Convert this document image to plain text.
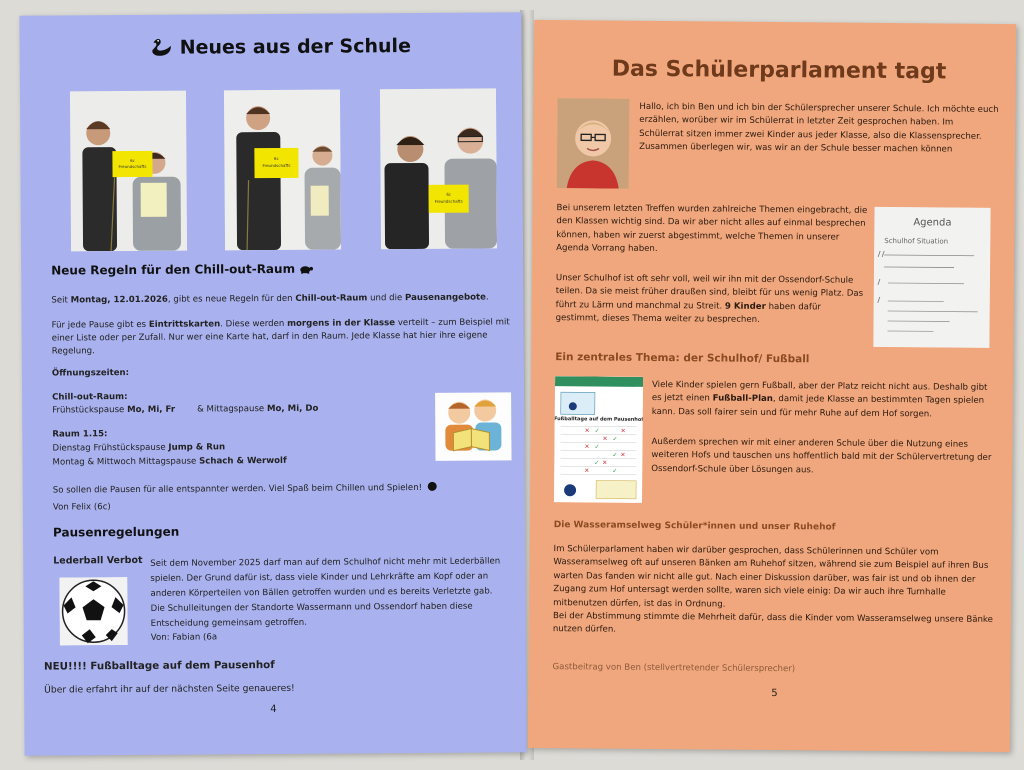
Neues aus der Schule
6c
Freundschafts
6c
Freundschafts
6c
Freundschafts
Neue Regeln für den Chill-out-Raum
Seit Montag, 12.01.2026, gibt es neue Regeln für den Chill-out-Raum und die Pausenangebote.
Für jede Pause gibt es Eintrittskarten. Diese werden morgens in der Klasse verteilt – zum Beispiel mit einer Liste oder per Zufall. Nur wer eine Karte hat, darf in den Raum. Jede Klasse hat hier ihre eigene Regelung.
Öffnungszeiten:
Chill-out-Raum:
Frühstückspause Mo, Mi, Fr	& Mittagspause Mo, Mi, Do
Raum 1.15:
Dienstag Frühstückspause Jump & Run
Montag & Mittwoch Mittagspause Schach & Werwolf
So sollen die Pausen für alle entspannter werden. Viel Spaß beim Chillen und Spielen!
Von Felix (6c)
Pausenregelungen
Lederball Verbot Seit dem November 2025 darf man auf dem Schulhof nicht mehr mit Lederbällen spielen. Der Grund dafür ist, dass viele Kinder und Lehrkräfte am Kopf oder an anderen Körperteilen von Bällen getroffen wurden und es bereits Verletzte gab. Die Schulleitungen der Standorte Wassermann und Ossendorf haben diese Entscheidung gemeinsam getroffen.
Von: Fabian (6a
NEU!!!! Fußballtage auf dem Pausenhof
Über die erfahrt ihr auf der nächsten Seite genaueres!
4
Das Schülerparlament tagt
Hallo, ich bin Ben und ich bin der Schülersprecher unserer Schule. Ich möchte euch erzählen, worüber wir im Schülerrat in letzter Zeit gesprochen haben. Im Schülerrat sitzen immer zwei Kinder aus jeder Klasse, also die Klassensprecher. Zusammen überlegen wir, was wir an der Schule besser machen können
Bei unserem letzten Treffen wurden zahlreiche Themen eingebracht, die den Klassen wichtig sind. Da wir aber nicht alles auf einmal besprechen können, haben wir zuerst abgestimmt, welche Themen in unserer Agenda Vorrang haben.
Agenda
Schulhof Situation
Unser Schulhof ist oft sehr voll, weil wir ihn mit der Ossendorf-Schule teilen. Da sie meist früher draußen sind, bleibt für uns wenig Platz. Das führt zu Lärm und manchmal zu Streit. 9 Kinder haben dafür gestimmt, dieses Thema weiter zu besprechen.
Ein zentrales Thema: der Schulhof/ Fußball
Fußballtage auf dem Pausenhof
✕
✕
✕
✕
✕
✕
✕
✓
✓
✓
✓
✓
✓
Viele Kinder spielen gern Fußball, aber der Platz reicht nicht aus. Deshalb gibt es jetzt einen Fußball-Plan, damit jede Klasse an bestimmten Tagen spielen kann. Das soll fairer sein und für mehr Ruhe auf dem Hof sorgen.
Außerdem sprechen wir mit einer anderen Schule über die Nutzung eines weiteren Hofs und tauschen uns hoffentlich bald mit der Schülervertretung der Ossendorf-Schule über Lösungen aus.
Die Wasseramselweg Schüler*innen und unser Ruhehof
Im Schülerparlament haben wir darüber gesprochen, dass Schülerinnen und Schüler vom Wasseramselweg oft auf unseren Bänken am Ruhehof sitzen, während sie zum Beispiel auf ihren Bus warten Das fanden wir nicht alle gut. Nach einer Diskussion darüber, was fair ist und ob ihnen der Zugang zum Hof untersagt werden sollte, waren sich viele einig: Da wir auch ihre Turnhalle mitbenutzen dürfen, ist das in Ordnung.
Bei der Abstimmung stimmte die Mehrheit dafür, dass die Kinder vom Wasseramselweg unsere Bänke nutzen dürfen.
Gastbeitrag von Ben (stellvertretender Schülersprecher)
5
